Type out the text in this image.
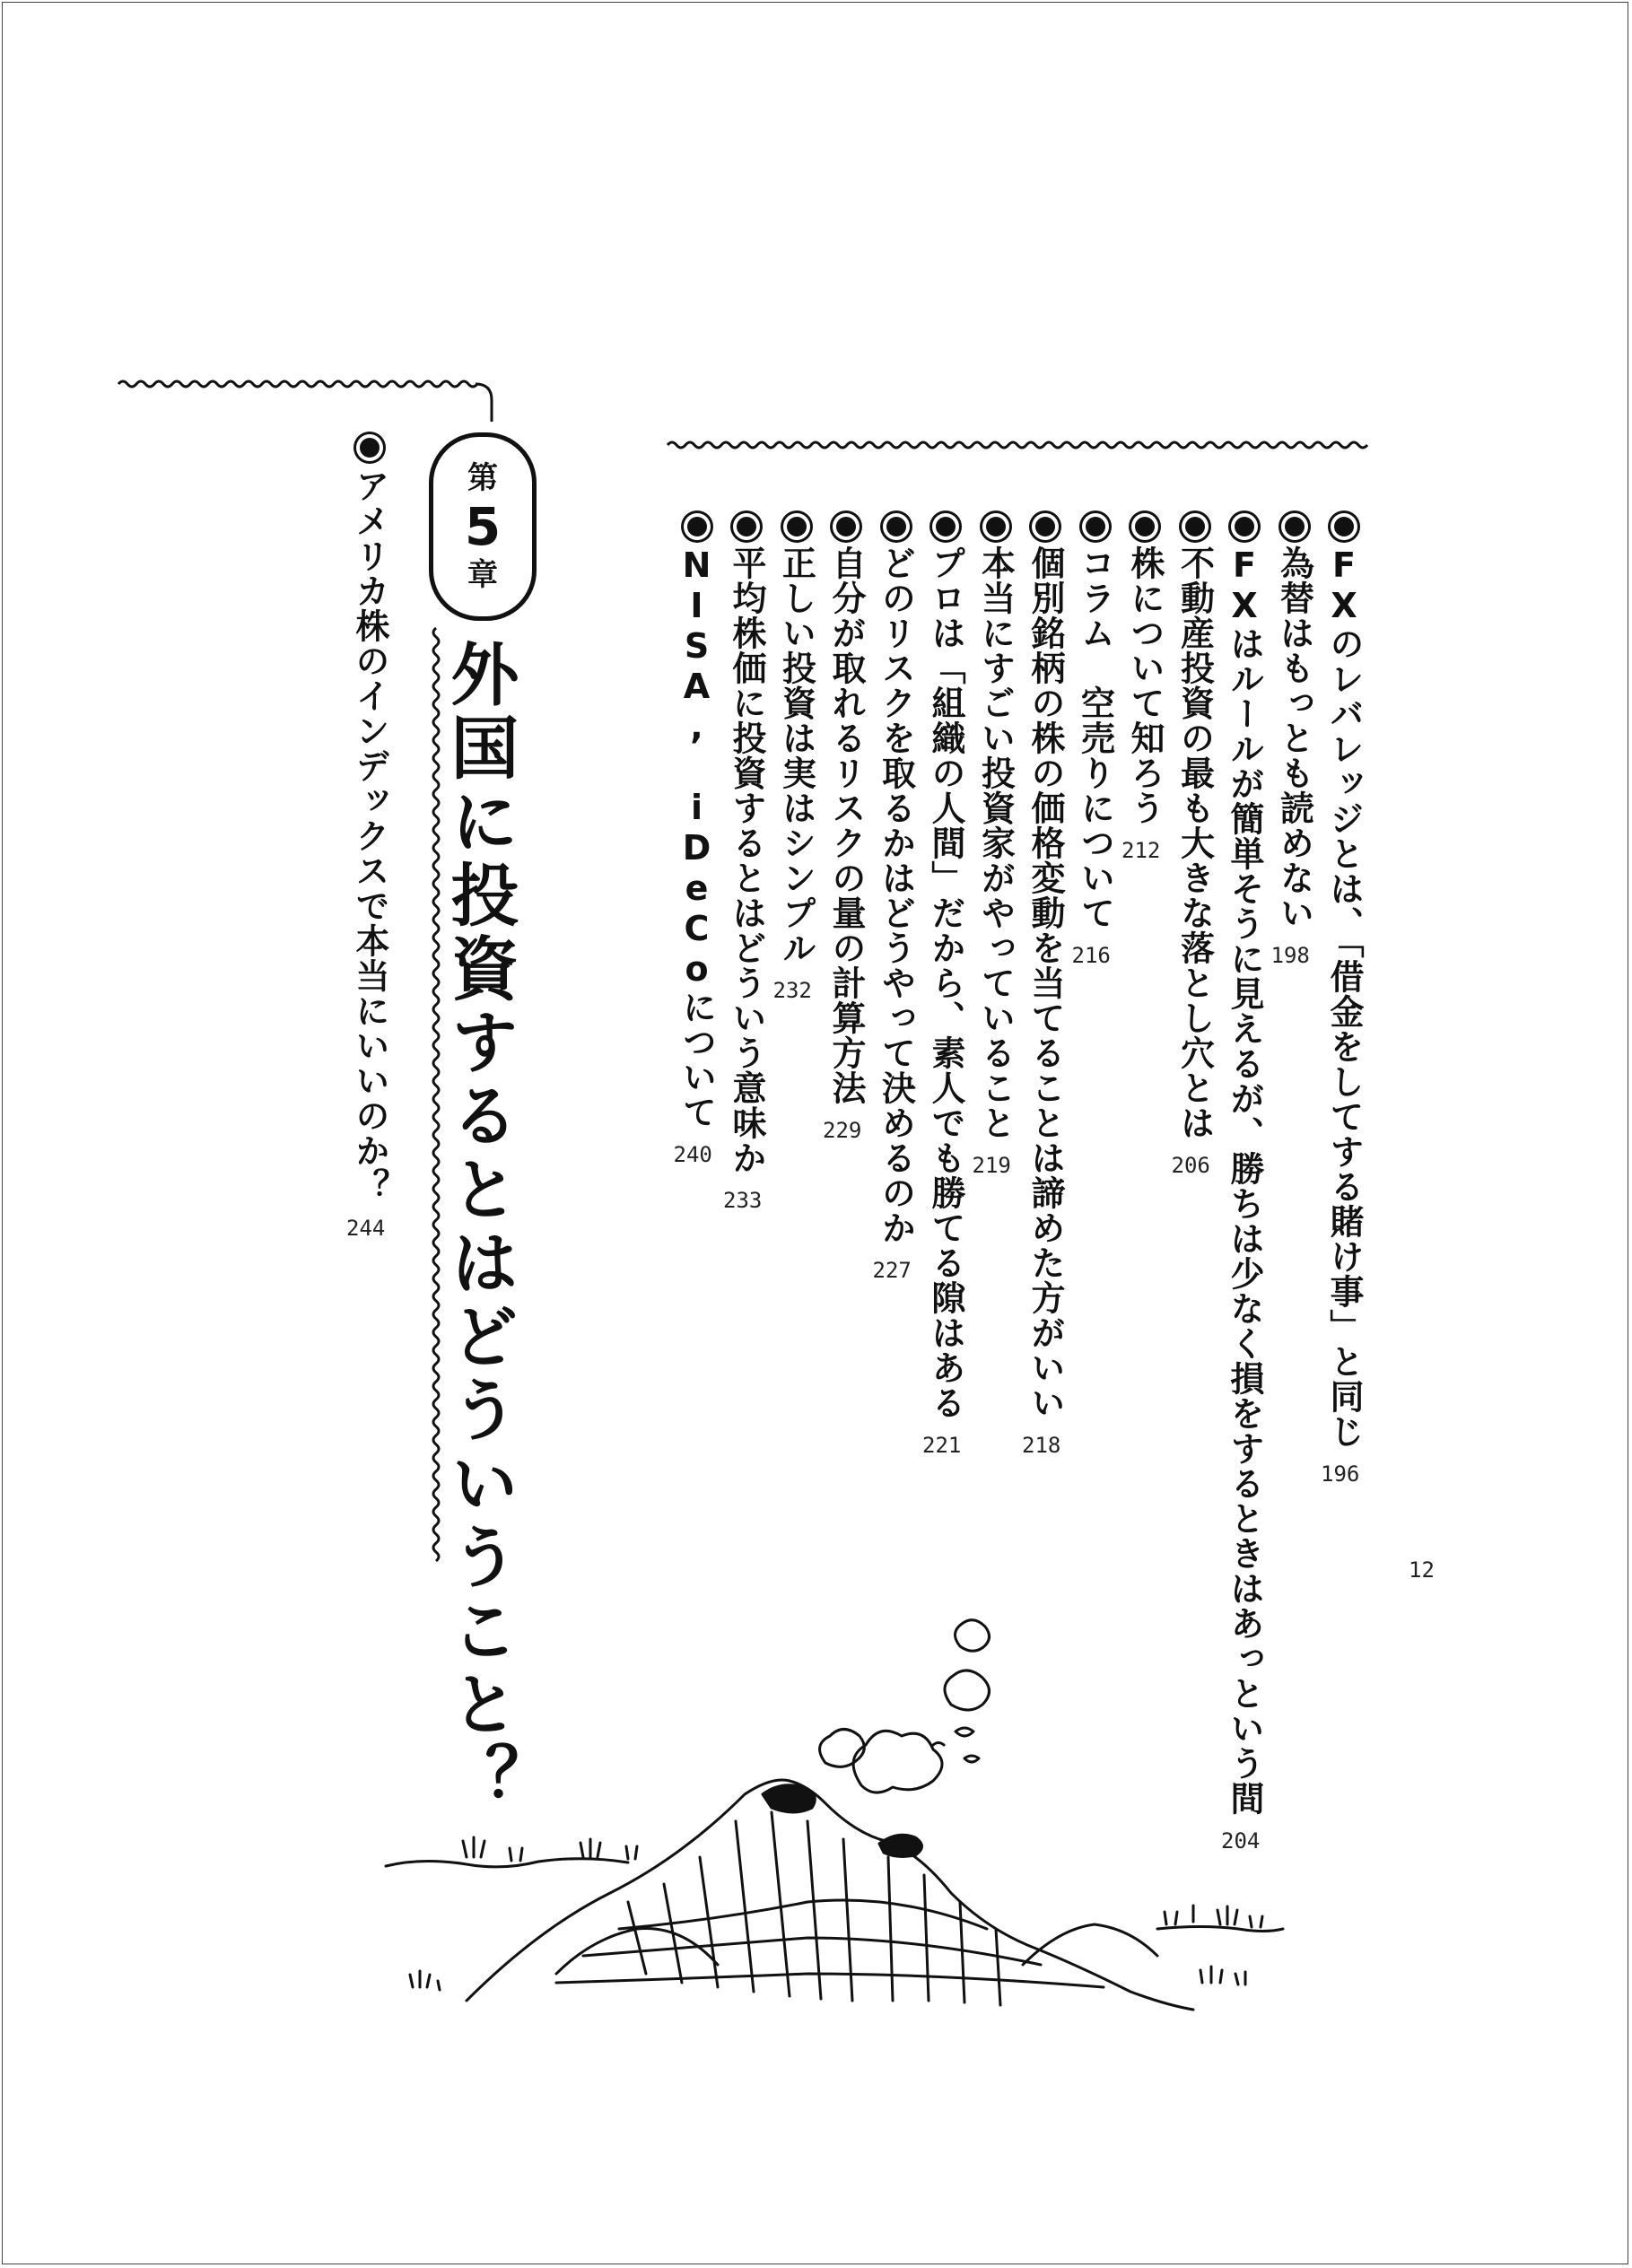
FXのレバレッジとは、「借金をしてする賭け事」と同じ
196
為替はもっとも読めない
198
FXはルールが簡単そうに見えるが、勝ちは少なく損をするときはあっという間
204
不動産投資の最も大きな落とし穴とは
206
株について知ろう
212
コラム　空売りについて
216
個別銘柄の株の価格変動を当てることは諦めた方がいい
218
本当にすごい投資家がやっていること
219
プロは「組織の人間」だから、素人でも勝てる隙はある
221
どのリスクを取るかはどうやって決めるのか
227
自分が取れるリスクの量の計算方法
229
正しい投資は実はシンプル
232
平均株価に投資するとはどういう意味か
233
NISA, iDeCoについて
240
第
5
章
外国に投資するとはどういうこと？
アメリカ株のインデックスで本当にいいのか？
244
12
